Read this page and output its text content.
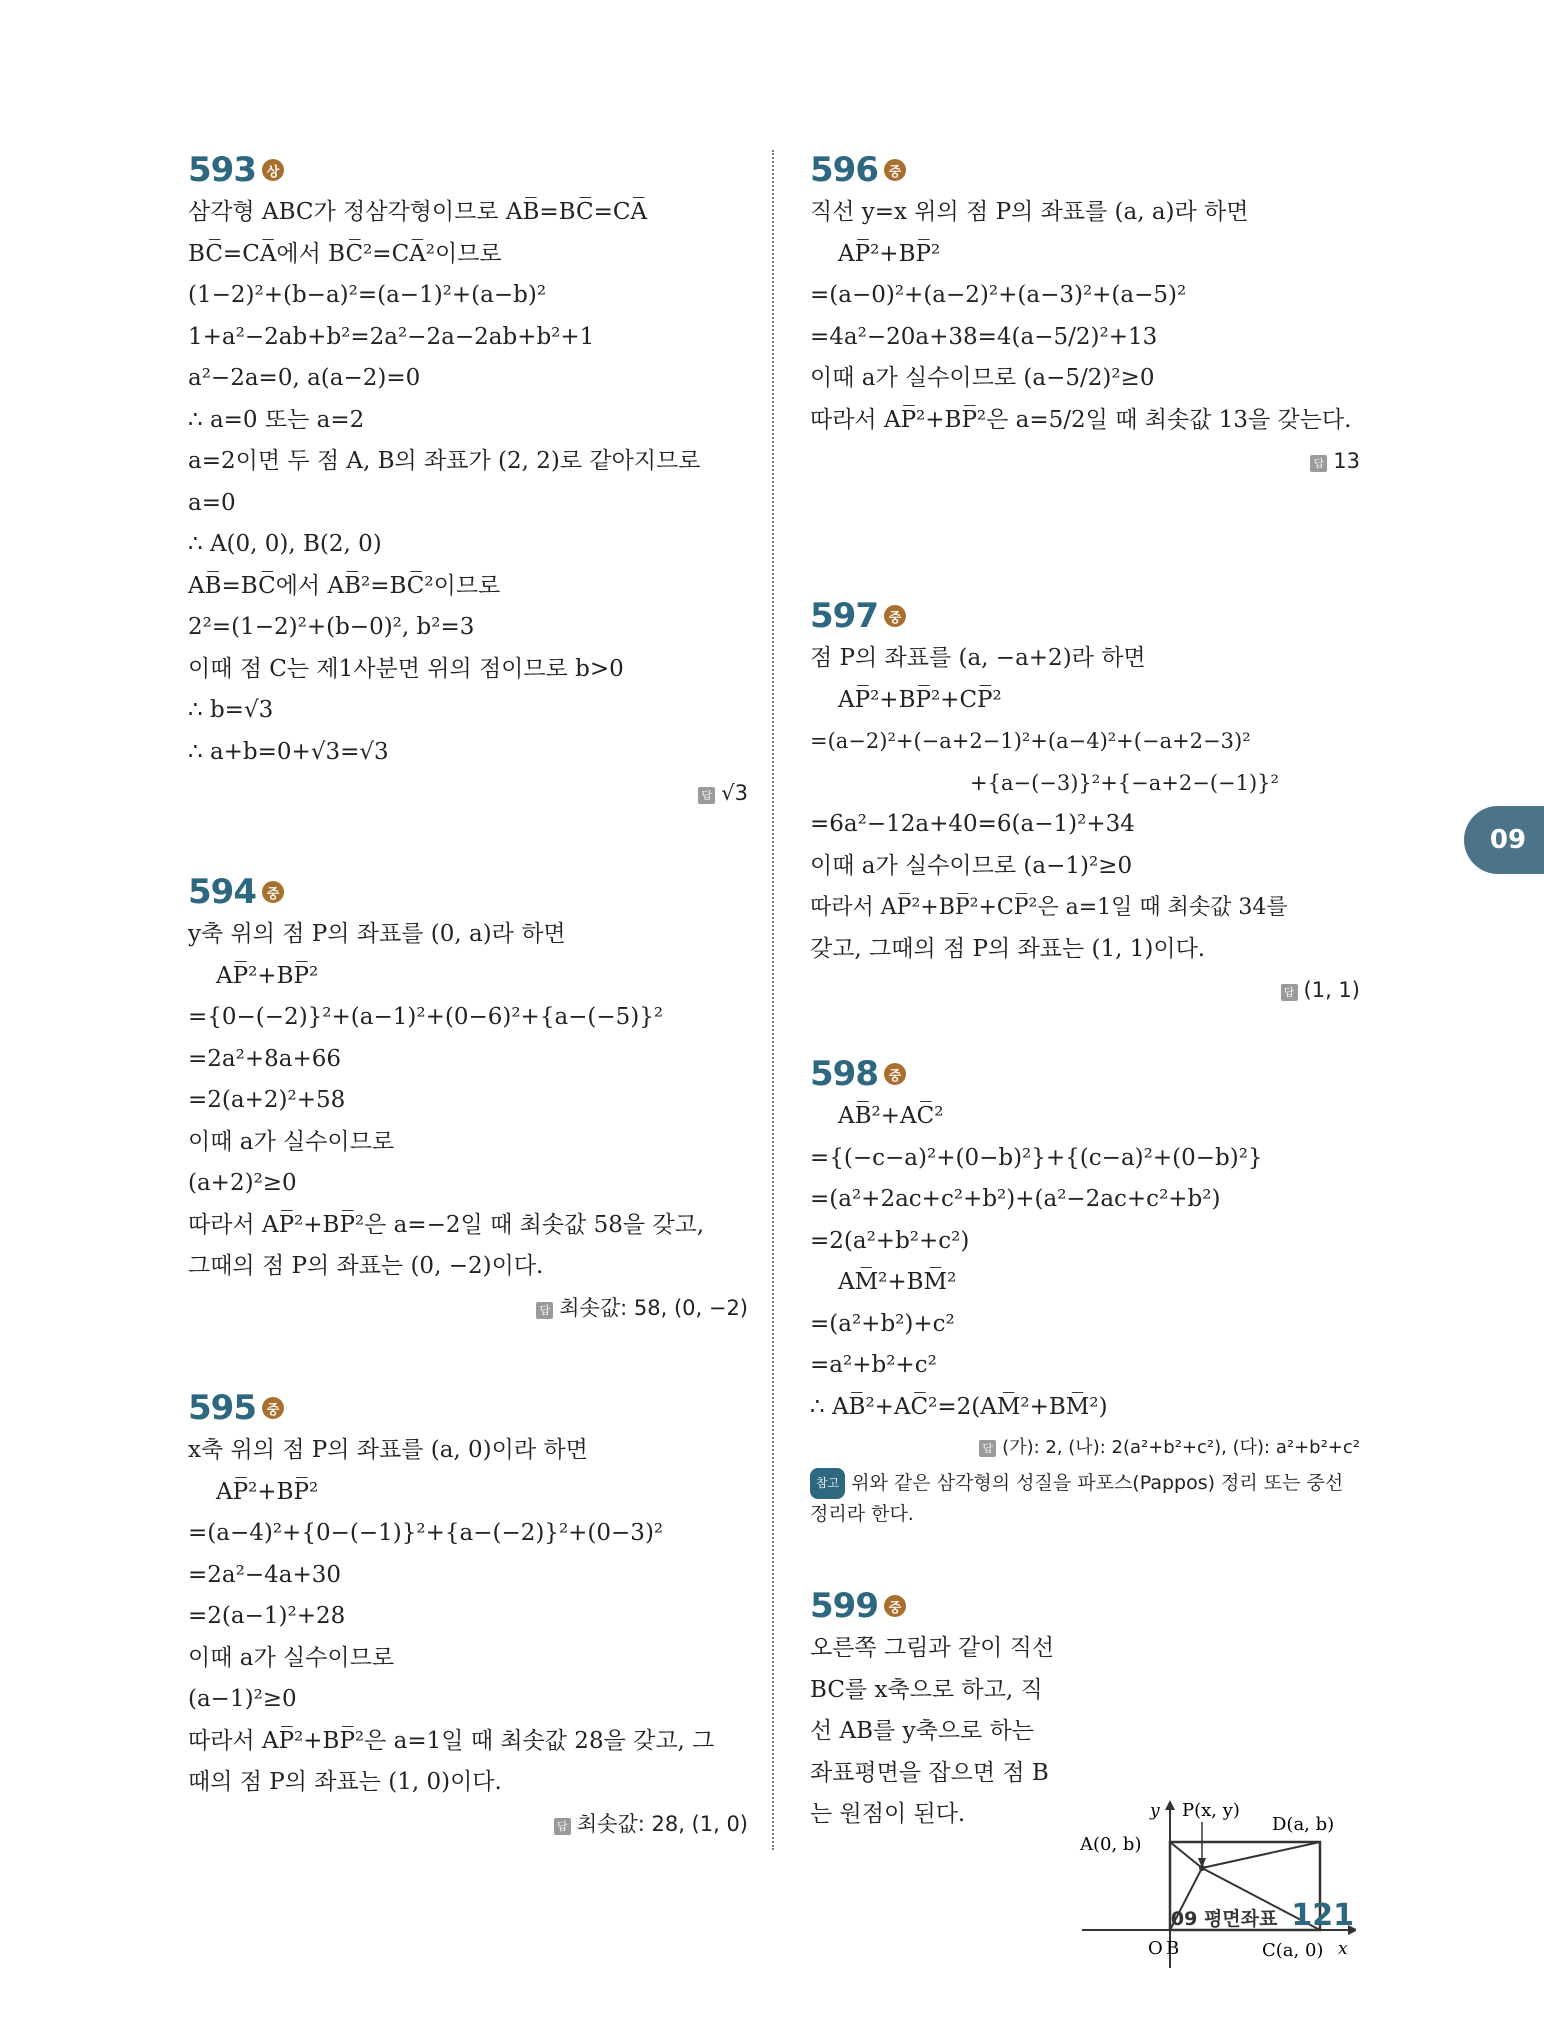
593 상
삼각형 ABC가 정삼각형이므로 AB̅=BC̅=CA̅
BC̅=CA̅에서 BC̅²=CA̅²이므로
(1−2)²+(b−a)²=(a−1)²+(a−b)²
1+a²−2ab+b²=2a²−2a−2ab+b²+1
a²−2a=0, a(a−2)=0
∴ a=0 또는 a=2
a=2이면 두 점 A, B의 좌표가 (2, 2)로 같아지므로
a=0
∴ A(0, 0), B(2, 0)
AB̅=BC̅에서 AB̅²=BC̅²이므로
2²=(1−2)²+(b−0)², b²=3
이때 점 C는 제1사분면 위의 점이므로 b>0
∴ b=√3
∴ a+b=0+√3=√3
답 √3
594 중
y축 위의 점 P의 좌표를 (0, a)라 하면
AP̅²+BP̅²
={0−(−2)}²+(a−1)²+(0−6)²+{a−(−5)}²
=2a²+8a+66
=2(a+2)²+58
이때 a가 실수이므로
(a+2)²≥0
따라서 AP̅²+BP̅²은 a=−2일 때 최솟값 58을 갖고,
그때의 점 P의 좌표는 (0, −2)이다.
답 최솟값: 58, (0, −2)
595 중
x축 위의 점 P의 좌표를 (a, 0)이라 하면
AP̅²+BP̅²
=(a−4)²+{0−(−1)}²+{a−(−2)}²+(0−3)²
=2a²−4a+30
=2(a−1)²+28
이때 a가 실수이므로
(a−1)²≥0
따라서 AP̅²+BP̅²은 a=1일 때 최솟값 28을 갖고, 그
때의 점 P의 좌표는 (1, 0)이다.
답 최솟값: 28, (1, 0)
596 중
직선 y=x 위의 점 P의 좌표를 (a, a)라 하면
AP̅²+BP̅²
=(a−0)²+(a−2)²+(a−3)²+(a−5)²
=4a²−20a+38=4(a−5/2)²+13
이때 a가 실수이므로 (a−5/2)²≥0
따라서 AP̅²+BP̅²은 a=5/2일 때 최솟값 13을 갖는다.
답 13
597 중
점 P의 좌표를 (a, −a+2)라 하면
AP̅²+BP̅²+CP̅²
=(a−2)²+(−a+2−1)²+(a−4)²+(−a+2−3)²
+{a−(−3)}²+{−a+2−(−1)}²
=6a²−12a+40=6(a−1)²+34
이때 a가 실수이므로 (a−1)²≥0
따라서 AP̅²+BP̅²+CP̅²은 a=1일 때 최솟값 34를
갖고, 그때의 점 P의 좌표는 (1, 1)이다.
답 (1, 1)
598 중
AB̅²+AC̅²
={(−c−a)²+(0−b)²}+{(c−a)²+(0−b)²}
=(a²+2ac+c²+b²)+(a²−2ac+c²+b²)
=2(a²+b²+c²)
AM̅²+BM̅²
=(a²+b²)+c²
=a²+b²+c²
∴ AB̅²+AC̅²=2(AM̅²+BM̅²)
답 (가): 2, (나): 2(a²+b²+c²), (다): a²+b²+c²
참고 위와 같은 삼각형의 성질을 파포스(Pappos) 정리 또는 중선 정리라 한다.
599 중
오른쪽 그림과 같이 직선
BC를 x축으로 하고, 직
선 AB를 y축으로 하는
좌표평면을 잡으면 점 B
는 원점이 된다.	y P(x, y)
D(a, b)
A(0, b)
O B	C(a, 0) x
09
09 평면좌표 121
